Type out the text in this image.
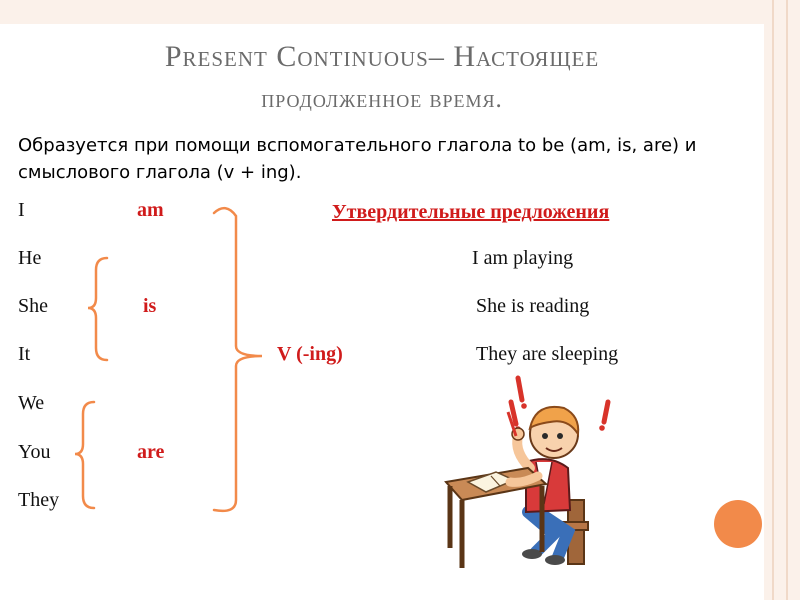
Present Continuous– Настоящее
продолженное время.
Образуется при помощи вспомогательного глагола to be (am, is, are) и смыслового глагола (v + ing).
I
He
She
It
We
You
They
am
is
are
V (-ing)
Утвердительные предложения
I am playing
She is reading
They are sleeping
